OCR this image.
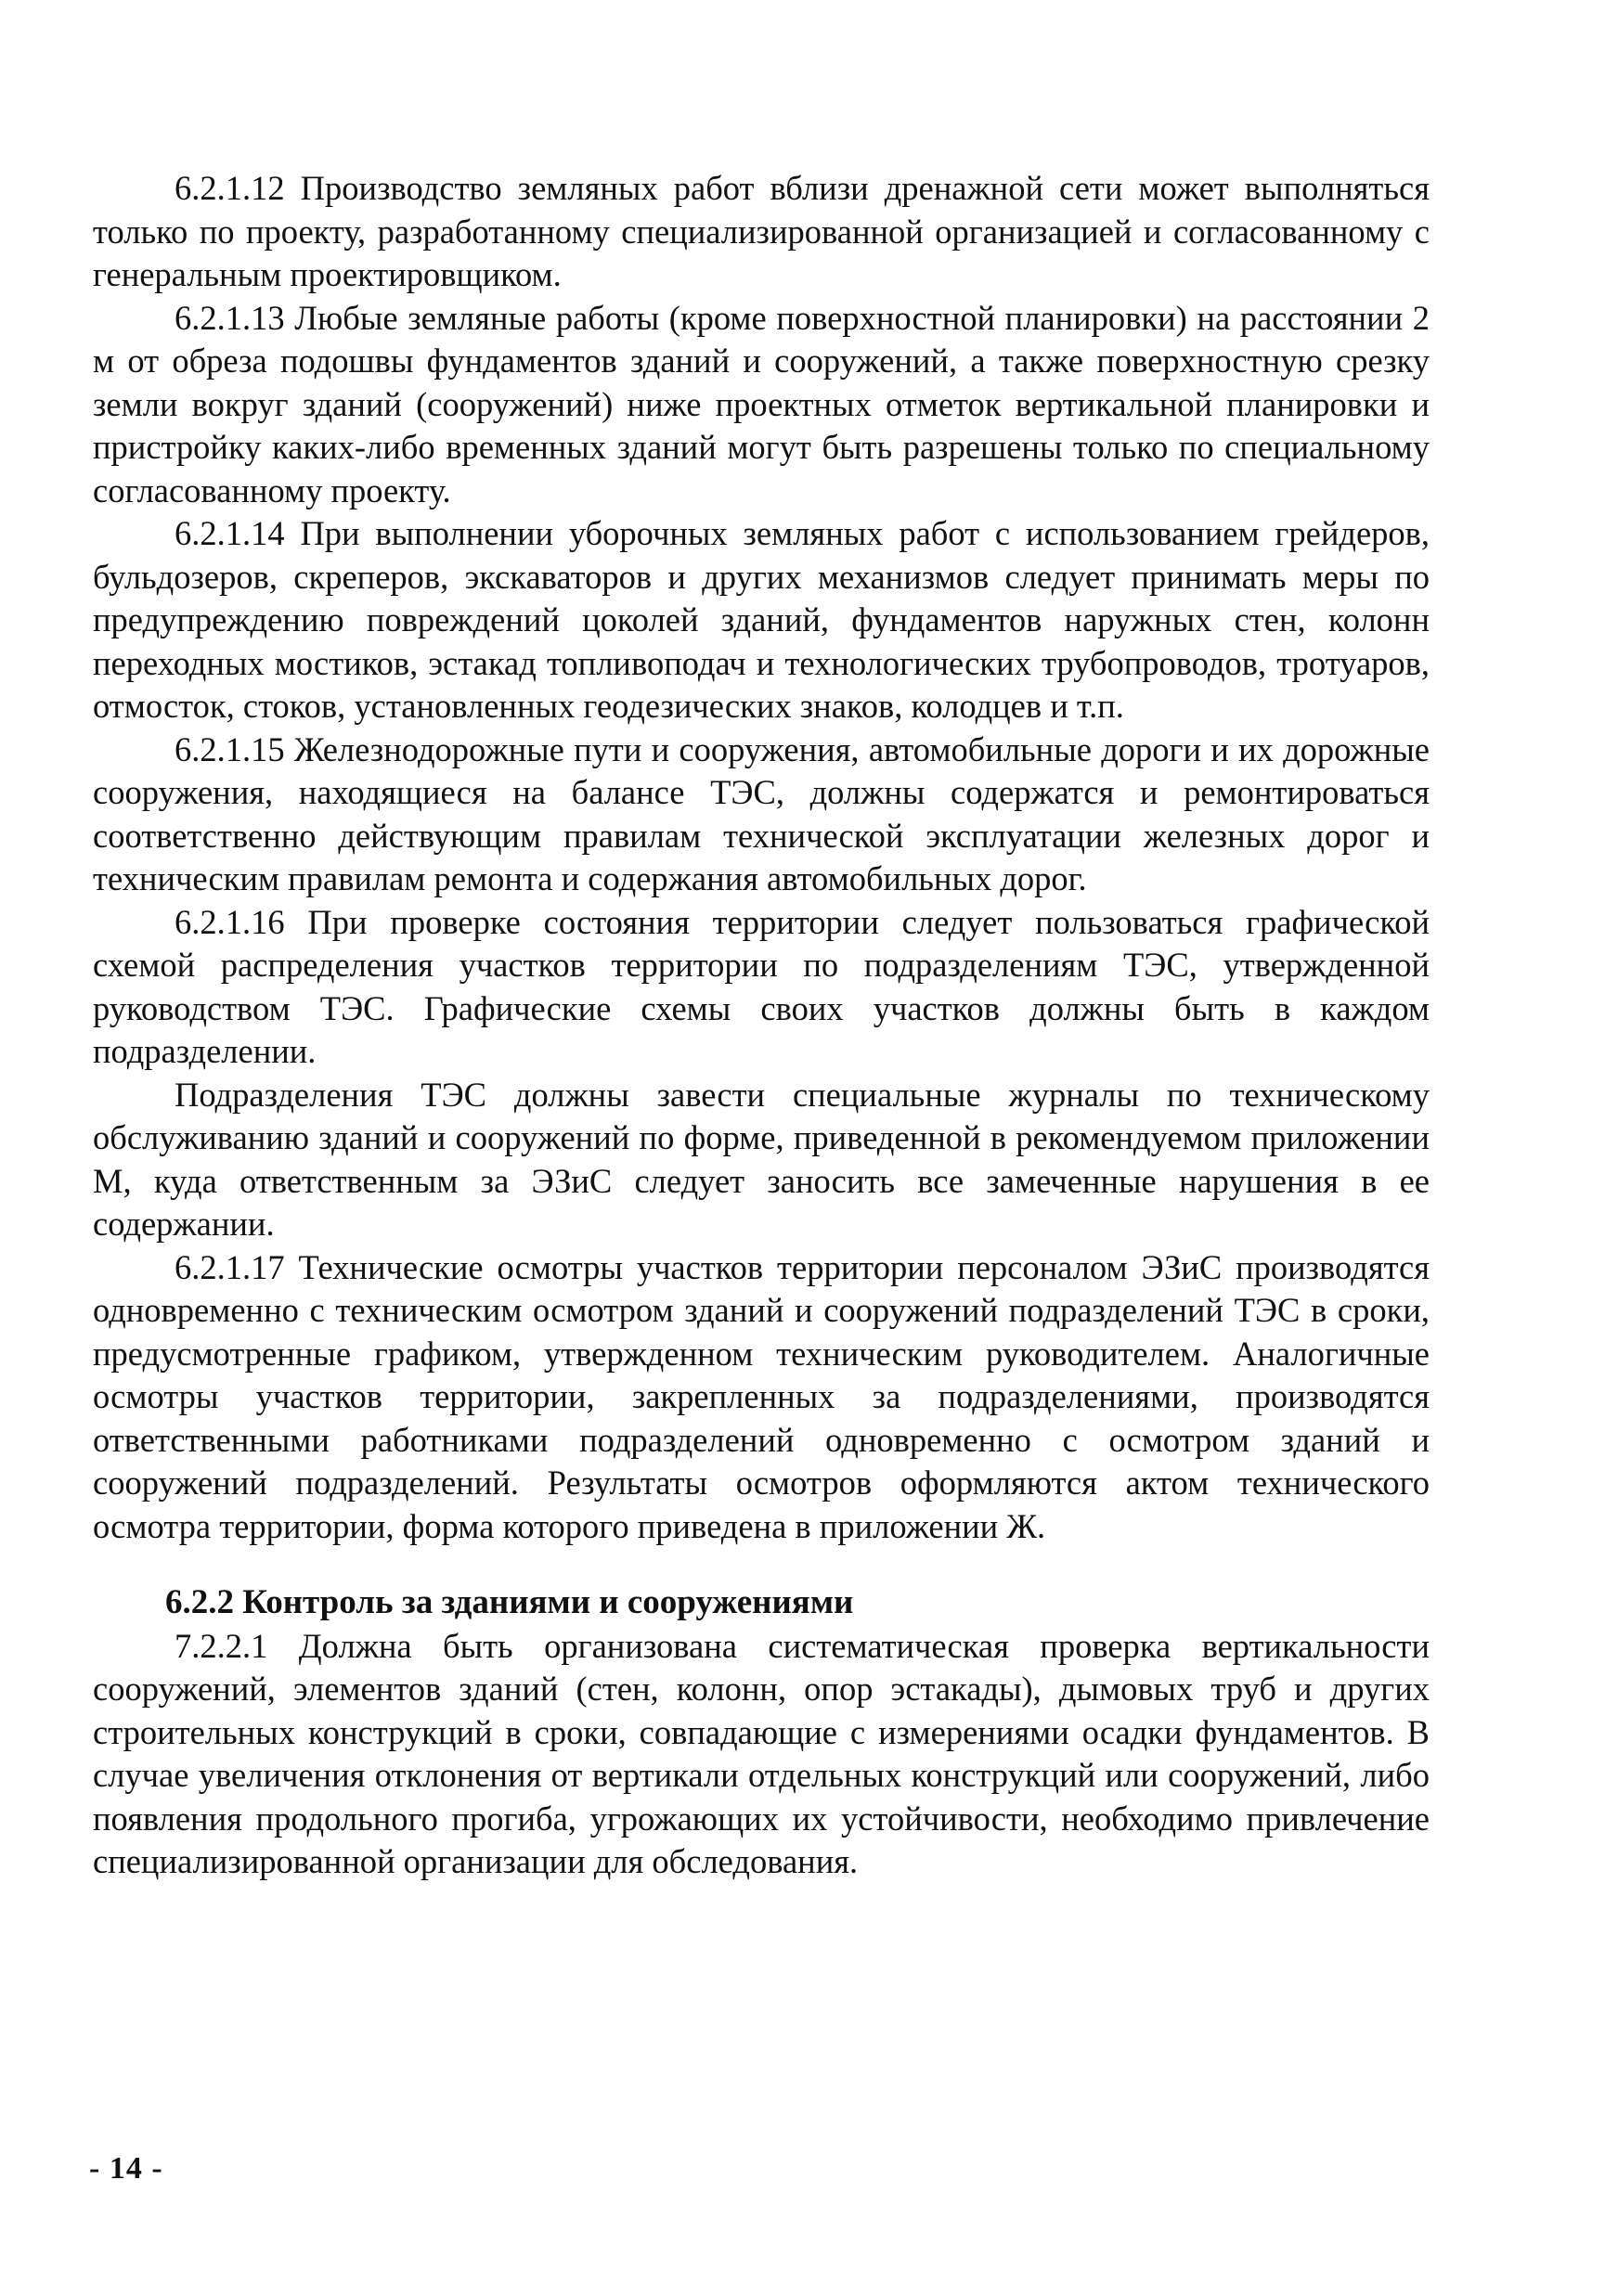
6.2.1.12 Производство земляных работ вблизи дренажной сети может выполняться только по проекту, разработанному специализированной организацией и согласованному с генеральным проектировщиком.

6.2.1.13 Любые земляные работы (кроме поверхностной планировки) на расстоянии 2 м от обреза подошвы фундаментов зданий и сооружений, а также поверхностную срезку земли вокруг зданий (сооружений) ниже проектных отметок вертикальной планировки и пристройку каких-либо временных зданий могут быть разрешены только по специальному согласованному проекту.

6.2.1.14 При выполнении уборочных земляных работ с использованием грейдеров, бульдозеров, скреперов, экскаваторов и других механизмов следует принимать меры по предупреждению повреждений цоколей зданий, фундаментов наружных стен, колонн переходных мостиков, эстакад топливоподач и технологических трубопроводов, тротуаров, отмосток, стоков, установленных геодезических знаков, колодцев и т.п.

6.2.1.15 Железнодорожные пути и сооружения, автомобильные дороги и их дорожные сооружения, находящиеся на балансе ТЭС, должны содержатся и ремонтироваться соответственно действующим правилам технической эксплуатации железных дорог и техническим правилам ремонта и содержания автомобильных дорог.

6.2.1.16 При проверке состояния территории следует пользоваться графической схемой распределения участков территории по подразделениям ТЭС, утвержденной руководством ТЭС. Графические схемы своих участков должны быть в каждом подразделении.

Подразделения ТЭС должны завести специальные журналы по техническому обслуживанию зданий и сооружений по форме, приведенной в рекомендуемом приложении М, куда ответственным за ЭЗиС следует заносить все замеченные нарушения в ее содержании.

6.2.1.17 Технические осмотры участков территории персоналом ЭЗиС производятся одновременно с техническим осмотром зданий и сооружений подразделений ТЭС в сроки, предусмотренные графиком, утвержденном техническим руководителем. Аналогичные осмотры участков территории, закрепленных за подразделениями, производятся ответственными работниками подразделений одновременно с осмотром зданий и сооружений подразделений. Результаты осмотров оформляются актом технического осмотра территории, форма которого приведена в приложении Ж.

6.2.2 Контроль за зданиями и сооружениями

7.2.2.1 Должна быть организована систематическая проверка вертикальности сооружений, элементов зданий (стен, колонн, опор эстакады), дымовых труб и других строительных конструкций в сроки, совпадающие с измерениями осадки фундаментов. В случае увеличения отклонения от вертикали отдельных конструкций или сооружений, либо появления продольного прогиба, угрожающих их устойчивости, необходимо привлечение специализированной организации для обследования.

- 14 -
